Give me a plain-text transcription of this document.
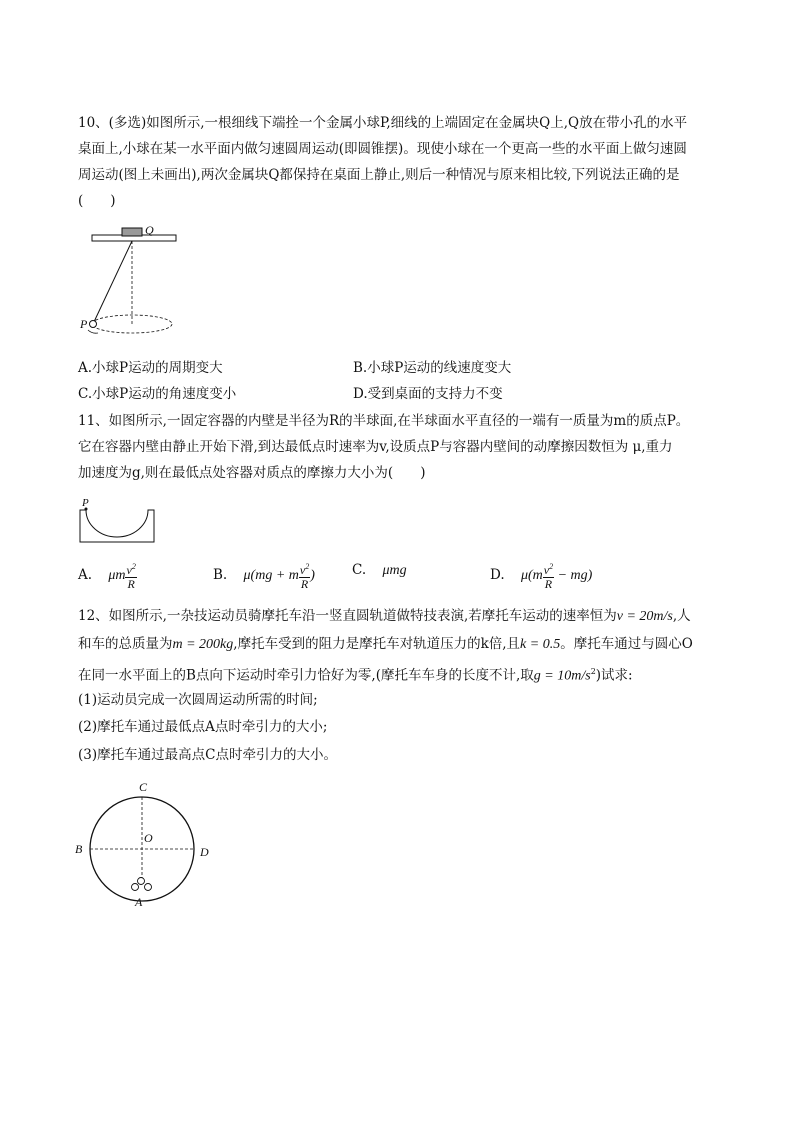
10、(多选)如图所示,一根细线下端拴一个金属小球P,细线的上端固定在金属块Q上,Q放在带小孔的水平
桌面上,小球在某一水平面内做匀速圆周运动(即圆锥摆)。现使小球在一个更高一些的水平面上做匀速圆
周运动(图上未画出),两次金属块Q都保持在桌面上静止,则后一种情况与原来相比较,下列说法正确的是
(　　)
Q
P
A.小球P运动的周期变大	B.小球P运动的线速度变大
C.小球P运动的角速度变小	D.受到桌面的支持力不变
11、如图所示,一固定容器的内壁是半径为R的半球面,在半球面水平直径的一端有一质量为m的质点P。
它在容器内壁由静止开始下滑,到达最低点时速率为v,设质点P与容器内壁间的动摩擦因数恒为 μ,重力
加速度为g,则在最低点处容器对质点的摩擦力大小为(　　)
P
A. μm $\frac{v^2}{R}$	B. μ(mg + m $\frac{v^2}{R}$ )	C. μmg	D. $\mu(m \frac{v^2}{R} - mg)$
12、如图所示,一杂技运动员骑摩托车沿一竖直圆轨道做特技表演,若摩托车运动的速率恒为v = 20m/s,人
和车的总质量为m = 200kg,摩托车受到的阻力是摩托车对轨道压力的k倍,且k = 0.5。摩托车通过与圆心O
在同一水平面上的B点向下运动时牵引力恰好为零,(摩托车车身的长度不计,取$g = 10m/s^2$)试求:
(1)运动员完成一次圆周运动所需的时间;
(2)摩托车通过最低点A点时牵引力的大小;
(3)摩托车通过最高点C点时牵引力的大小。
C
O
B	D
A
